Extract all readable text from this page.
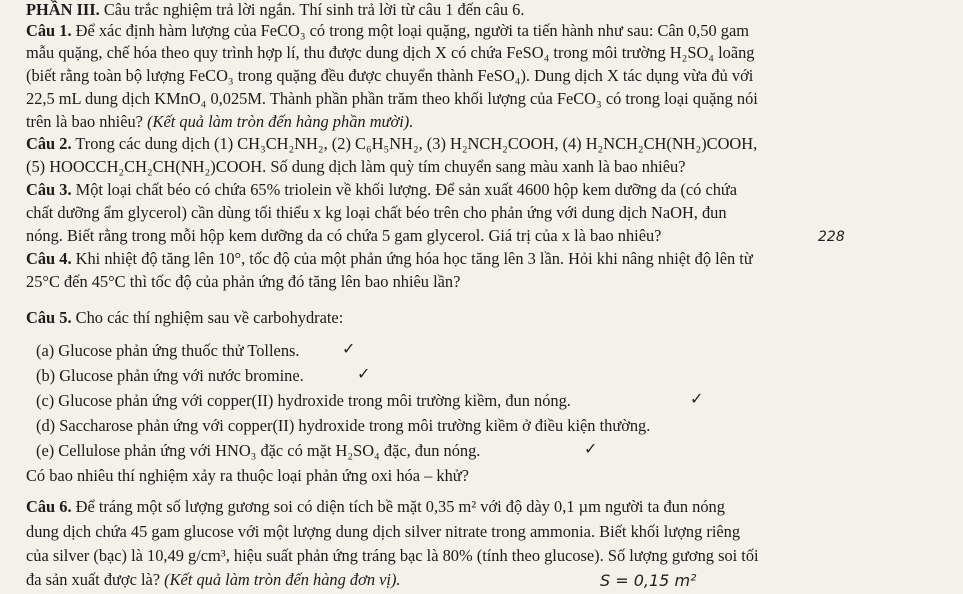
PHẦN III. Câu trắc nghiệm trả lời ngắn. Thí sinh trả lời từ câu 1 đến câu 6.
Câu 1. Để xác định hàm lượng của FeCO₃ có trong một loại quặng, người ta tiến hành như sau: Cân 0,50 gam
mẫu quặng, chế hóa theo quy trình hợp lí, thu được dung dịch X có chứa FeSO₄ trong môi trường H₂SO₄ loãng
(biết rằng toàn bộ lượng FeCO₃ trong quặng đều được chuyển thành FeSO₄). Dung dịch X tác dụng vừa đủ với
22,5 mL dung dịch KMnO₄ 0,025M. Thành phần phần trăm theo khối lượng của FeCO₃ có trong loại quặng nói
trên là bao nhiêu? (Kết quả làm tròn đến hàng phần mười).
Câu 2. Trong các dung dịch (1) CH₃CH₂NH₂, (2) C₆H₅NH₂, (3) H₂NCH₂COOH, (4) H₂NCH₂CH(NH₂)COOH,
(5) HOOCCH₂CH₂CH(NH₂)COOH. Số dung dịch làm quỳ tím chuyển sang màu xanh là bao nhiêu?
Câu 3. Một loại chất béo có chứa 65% triolein về khối lượng. Để sản xuất 4600 hộp kem dưỡng da (có chứa
chất dưỡng ẩm glycerol) cần dùng tối thiểu x kg loại chất béo trên cho phản ứng với dung dịch NaOH, đun
nóng. Biết rằng trong mỗi hộp kem dưỡng da có chứa 5 gam glycerol. Giá trị của x là bao nhiêu?	228
Câu 4. Khi nhiệt độ tăng lên 10°, tốc độ của một phản ứng hóa học tăng lên 3 lần. Hỏi khi nâng nhiệt độ lên từ
25°C đến 45°C thì tốc độ của phản ứng đó tăng lên bao nhiêu lần?
Câu 5. Cho các thí nghiệm sau về carbohydrate:
(a) Glucose phản ứng thuốc thử Tollens.	✓
(b) Glucose phản ứng với nước bromine.	✓
(c) Glucose phản ứng với copper(II) hydroxide trong môi trường kiềm, đun nóng.	✓
(d) Saccharose phản ứng với copper(II) hydroxide trong môi trường kiềm ở điều kiện thường.
(e) Cellulose phản ứng với HNO₃ đặc có mặt H₂SO₄ đặc, đun nóng.	✓
Có bao nhiêu thí nghiệm xảy ra thuộc loại phản ứng oxi hóa – khử?
Câu 6. Để tráng một số lượng gương soi có diện tích bề mặt 0,35 m² với độ dày 0,1 µm người ta đun nóng
dung dịch chứa 45 gam glucose với một lượng dung dịch silver nitrate trong ammonia. Biết khối lượng riêng
của silver (bạc) là 10,49 g/cm³, hiệu suất phản ứng tráng bạc là 80% (tính theo glucose). Số lượng gương soi tối
đa sản xuất được là? (Kết quả làm tròn đến hàng đơn vị).	S = 0,15 m²
